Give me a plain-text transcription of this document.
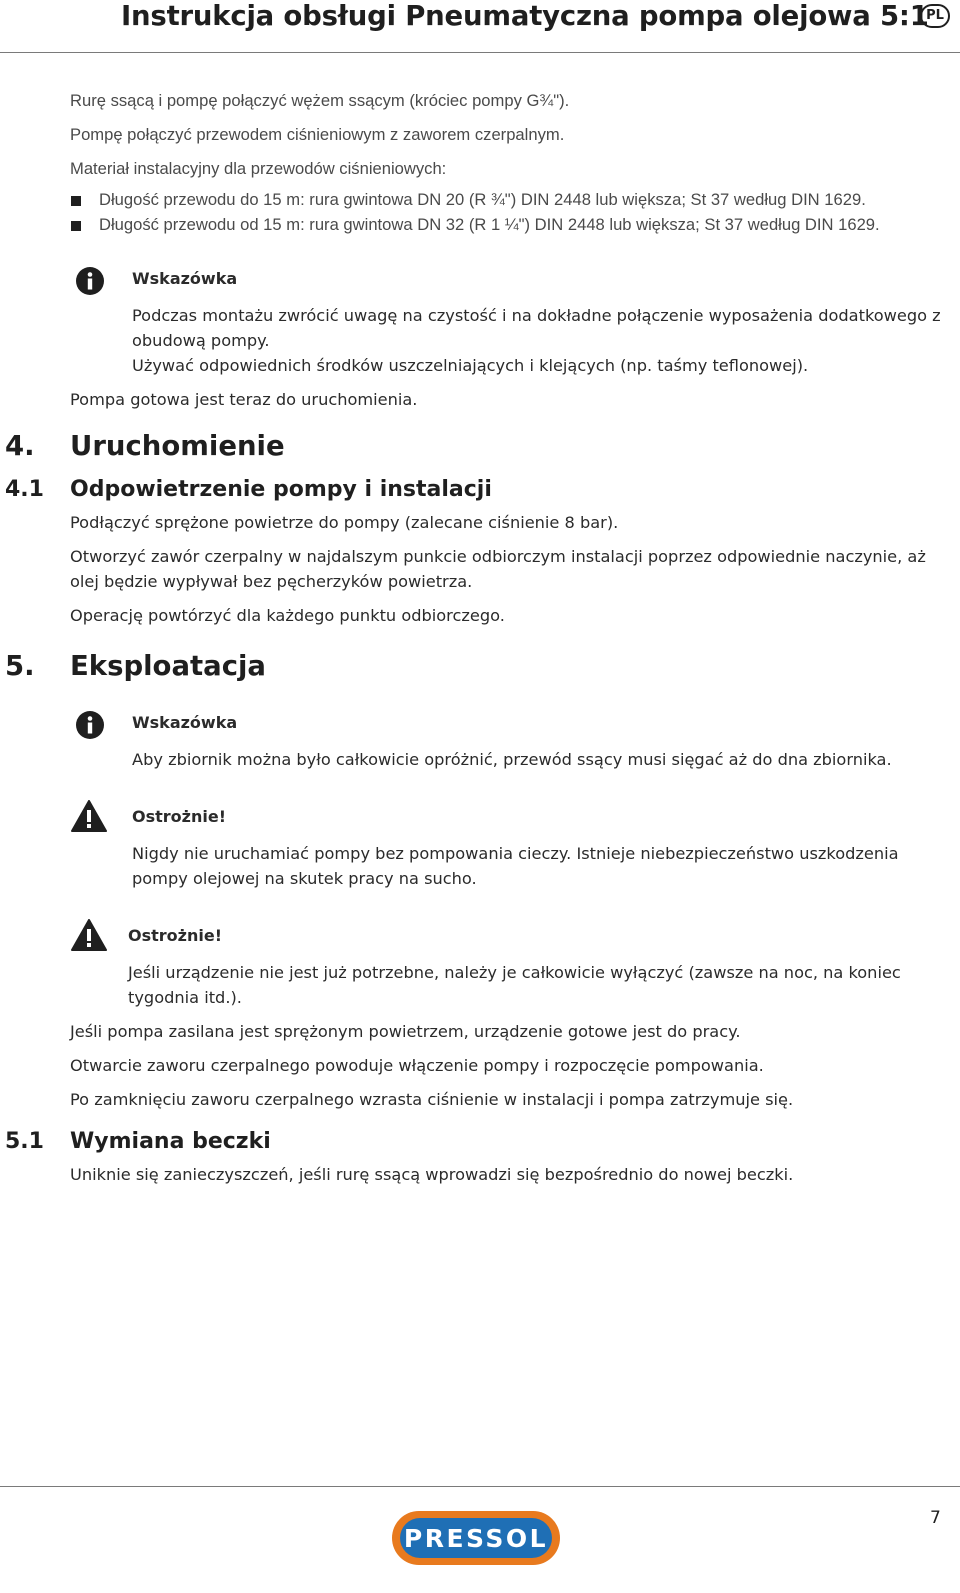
Instrukcja obsługi Pneumatyczna pompa olejowa 5:1
PL

Rurę ssącą i pompę połączyć wężem ssącym (króciec pompy G¾").

Pompę połączyć przewodem ciśnieniowym z zaworem czerpalnym.

Materiał instalacyjny dla przewodów ciśnieniowych:

Długość przewodu do 15 m: rura gwintowa DN 20 (R ¾") DIN 2448 lub większa; St 37 według DIN 1629.
Długość przewodu od 15 m: rura gwintowa DN 32 (R 1 ¼") DIN 2448 lub większa; St 37 według DIN 1629.
Wskazówka

Podczas montażu zwrócić uwagę na czystość i na dokładne połączenie wyposażenia dodatkowego z obudową pompy.

Używać odpowiednich środków uszczelniających i klejących (np. taśmy teflonowej).

Pompa gotowa jest teraz do uruchomienia.

4. Uruchomienie
4.1 Odpowietrzenie pompy i instalacji

Podłączyć sprężone powietrze do pompy (zalecane ciśnienie 8 bar).

Otworzyć zawór czerpalny w najdalszym punkcie odbiorczym instalacji poprzez odpowiednie naczynie, aż olej będzie wypływał bez pęcherzyków powietrza.

Operację powtórzyć dla każdego punktu odbiorczego.

5. Eksploatacja
Wskazówka

Aby zbiornik można było całkowicie opróżnić, przewód ssący musi sięgać aż do dna zbiornika.

Ostrożnie!

Nigdy nie uruchamiać pompy bez pompowania cieczy. Istnieje niebezpieczeństwo uszkodzenia pompy olejowej na skutek pracy na sucho.

Ostrożnie!

Jeśli urządzenie nie jest już potrzebne, należy je całkowicie wyłączyć (zawsze na noc, na koniec tygodnia itd.).

Jeśli pompa zasilana jest sprężonym powietrzem, urządzenie gotowe jest do pracy.

Otwarcie zaworu czerpalnego powoduje włączenie pompy i rozpoczęcie pompowania.

Po zamknięciu zaworu czerpalnego wzrasta ciśnienie w instalacji i pompa zatrzymuje się.

5.1 Wymiana beczki

Uniknie się zanieczyszczeń, jeśli rurę ssącą wprowadzi się bezpośrednio do nowej beczki.

PRESSOL
7
